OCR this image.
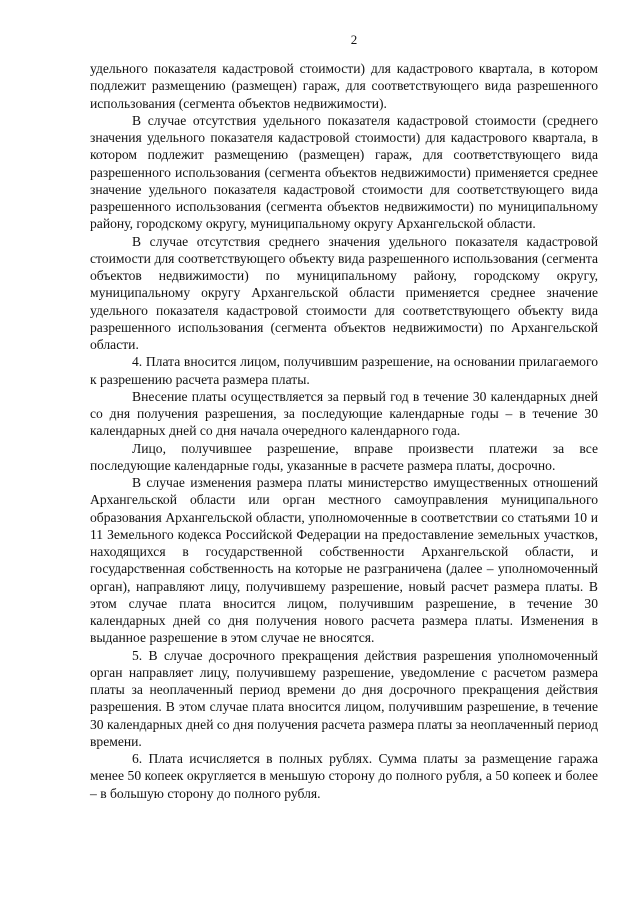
2

удельного показателя кадастровой стоимости) для кадастрового квартала, в котором подлежит размещению (размещен) гараж, для соответствующего вида разрешенного использования (сегмента объектов недвижимости).

В случае отсутствия удельного показателя кадастровой стоимости (среднего значения удельного показателя кадастровой стоимости) для кадастрового квартала, в котором подлежит размещению (размещен) гараж, для соответствующего вида разрешенного использования (сегмента объектов недвижимости) применяется среднее значение удельного показателя кадастровой стоимости для соответствующего вида разрешенного использования (сегмента объектов недвижимости) по муниципальному району, городскому округу, муниципальному округу Архангельской области.

В случае отсутствия среднего значения удельного показателя кадастровой стоимости для соответствующего объекту вида разрешенного использования (сегмента объектов недвижимости) по муниципальному району, городскому округу, муниципальному округу Архангельской области применяется среднее значение удельного показателя кадастровой стоимости для соответствующего объекту вида разрешенного использования (сегмента объектов недвижимости) по Архангельской области.

4. Плата вносится лицом, получившим разрешение, на основании прилагаемого к разрешению расчета размера платы.

Внесение платы осуществляется за первый год в течение 30 календарных дней со дня получения разрешения, за последующие календарные годы – в течение 30 календарных дней со дня начала очередного календарного года.

Лицо, получившее разрешение, вправе произвести платежи за все последующие календарные годы, указанные в расчете размера платы, досрочно.

В случае изменения размера платы министерство имущественных отношений Архангельской области или орган местного самоуправления муниципального образования Архангельской области, уполномоченные в соответствии со статьями 10 и 11 Земельного кодекса Российской Федерации на предоставление земельных участков, находящихся в государственной собственности Архангельской области, и государственная собственность на которые не разграничена (далее – уполномоченный орган), направляют лицу, получившему разрешение, новый расчет размера платы. В этом случае плата вносится лицом, получившим разрешение, в течение 30 календарных дней со дня получения нового расчета размера платы. Изменения в выданное разрешение в этом случае не вносятся.

5. В случае досрочного прекращения действия разрешения уполномоченный орган направляет лицу, получившему разрешение, уведомление с расчетом размера платы за неоплаченный период времени до дня досрочного прекращения действия разрешения. В этом случае плата вносится лицом, получившим разрешение, в течение 30 календарных дней со дня получения расчета размера платы за неоплаченный период времени.

6. Плата исчисляется в полных рублях. Сумма платы за размещение гаража менее 50 копеек округляется в меньшую сторону до полного рубля, а 50 копеек и более – в большую сторону до полного рубля.
